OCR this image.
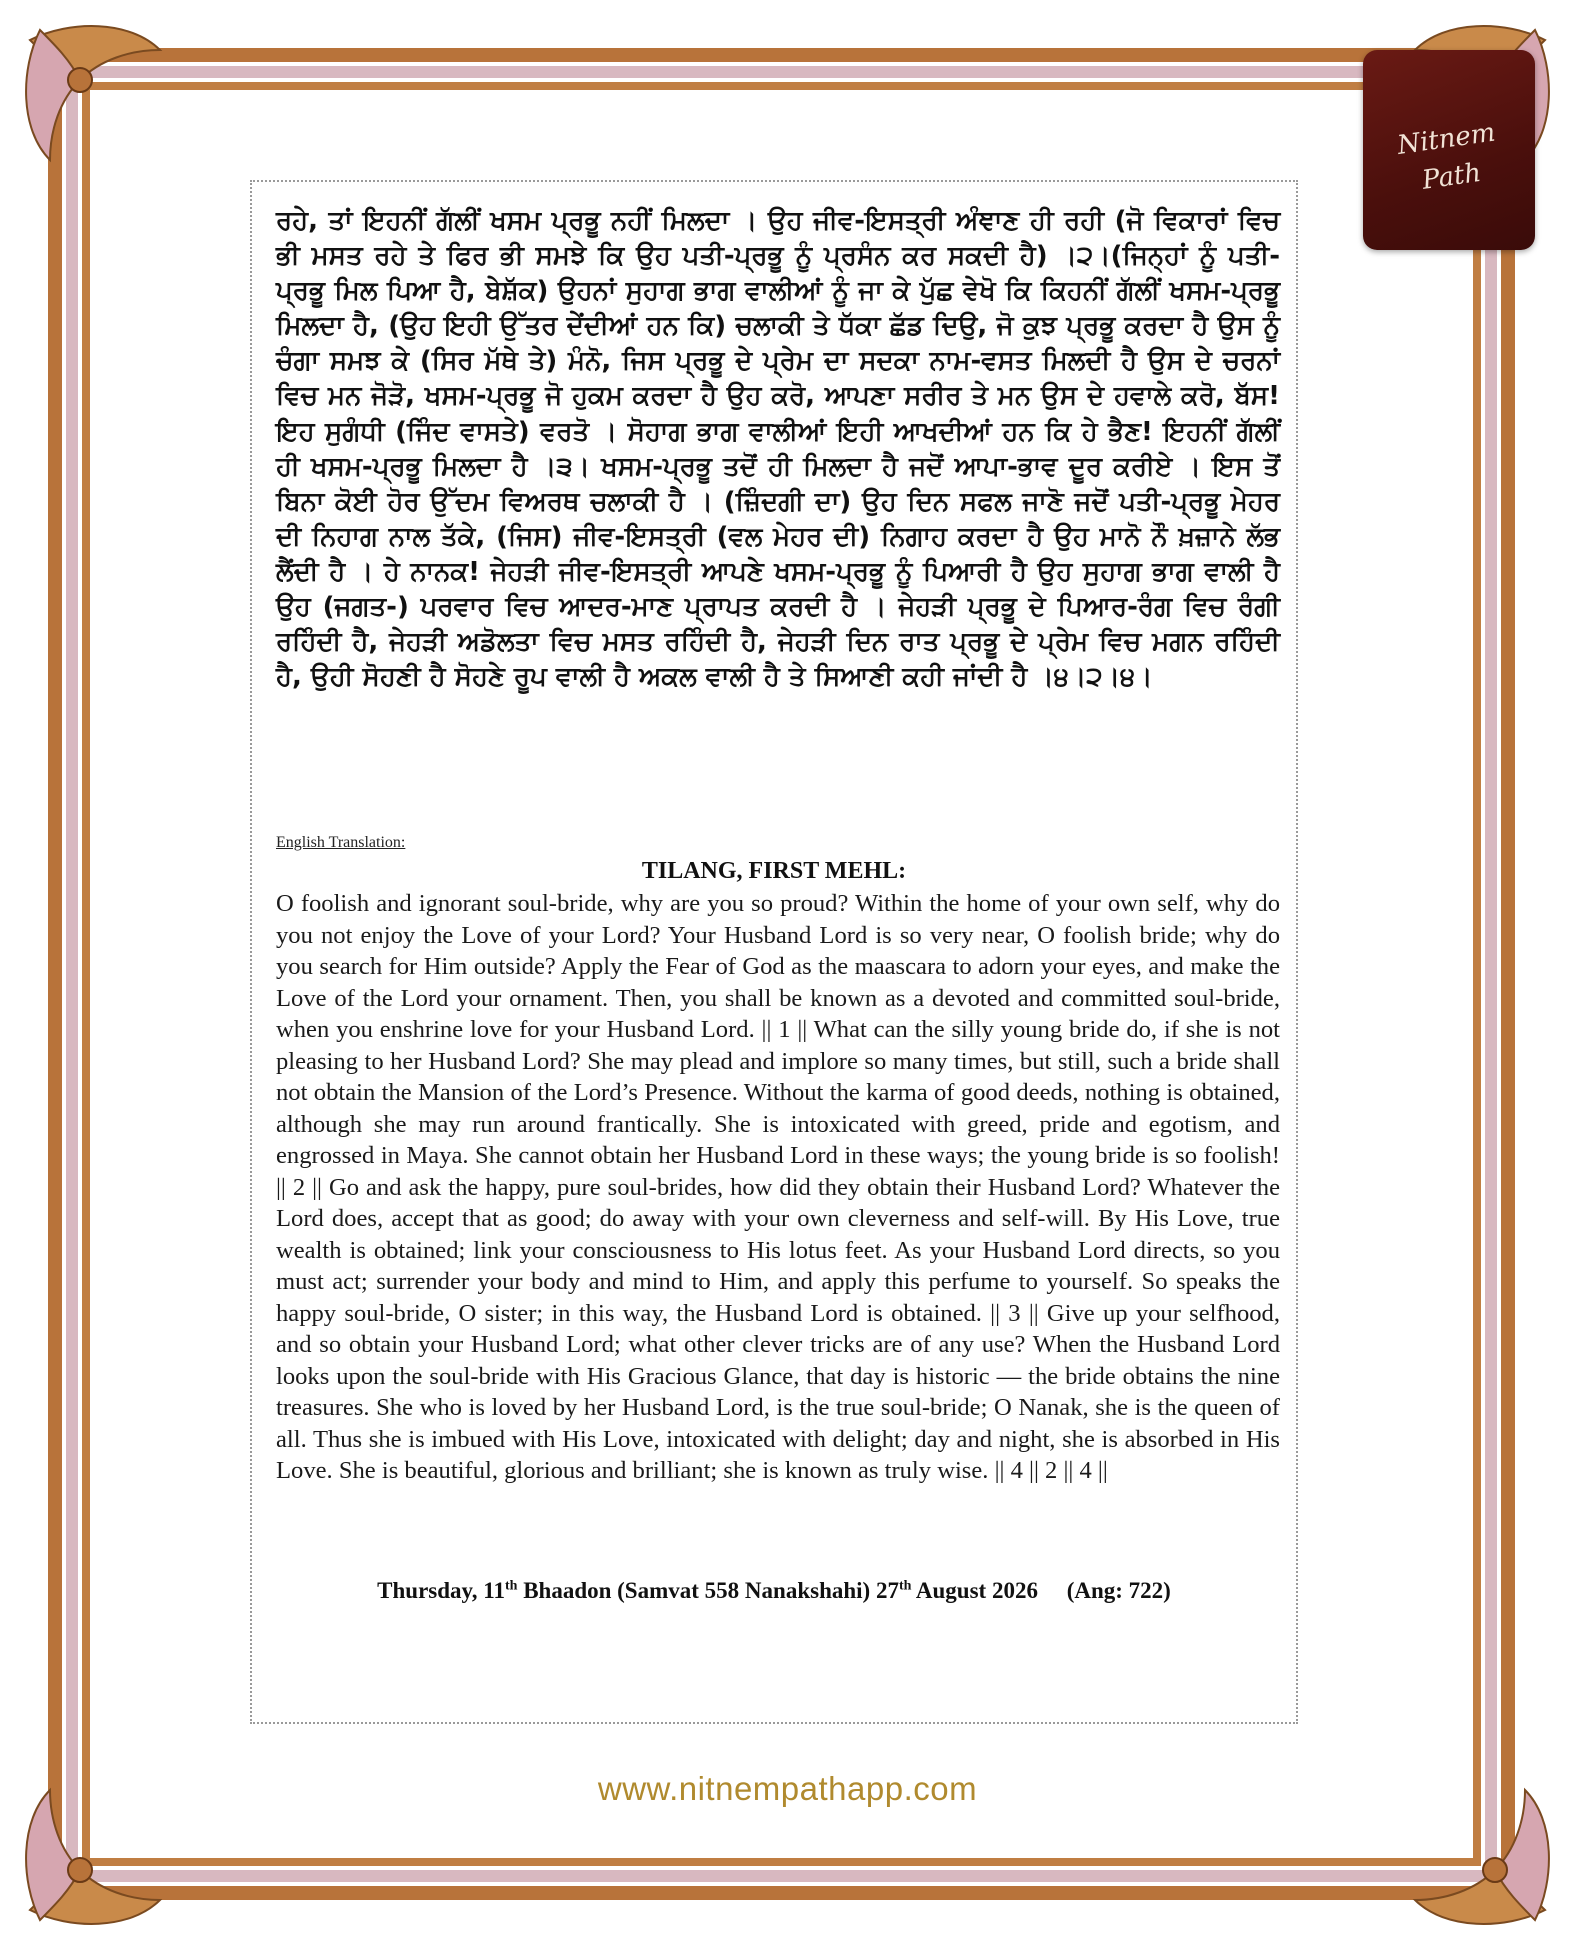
Nitnem
Path
ਰਹੇ, ਤਾਂ ਇਹਨੀਂ ਗੱਲੀਂ ਖਸਮ ਪ੍ਰਭੂ ਨਹੀਂ ਮਿਲਦਾ । ਉਹ ਜੀਵ-ਇਸਤ੍ਰੀ ਅੰਞਾਣ ਹੀ ਰਹੀ (ਜੋ ਵਿਕਾਰਾਂ ਵਿਚ ਭੀ ਮਸਤ ਰਹੇ ਤੇ ਫਿਰ ਭੀ ਸਮਝੇ ਕਿ ਉਹ ਪਤੀ-ਪ੍ਰਭੂ ਨੂੰ ਪ੍ਰਸੰਨ ਕਰ ਸਕਦੀ ਹੈ) ।੨।(ਜਿਨ੍ਹਾਂ ਨੂੰ ਪਤੀ-ਪ੍ਰਭੂ ਮਿਲ ਪਿਆ ਹੈ, ਬੇਸ਼ੱਕ) ਉਹਨਾਂ ਸੁਹਾਗ ਭਾਗ ਵਾਲੀਆਂ ਨੂੰ ਜਾ ਕੇ ਪੁੱਛ ਵੇਖੋ ਕਿ ਕਿਹਨੀਂ ਗੱਲੀਂ ਖਸਮ-ਪ੍ਰਭੂ ਮਿਲਦਾ ਹੈ, (ਉਹ ਇਹੀ ਉੱਤਰ ਦੇਂਦੀਆਂ ਹਨ ਕਿ) ਚਲਾਕੀ ਤੇ ਧੱਕਾ ਛੱਡ ਦਿਉ, ਜੋ ਕੁਝ ਪ੍ਰਭੂ ਕਰਦਾ ਹੈ ਉਸ ਨੂੰ ਚੰਗਾ ਸਮਝ ਕੇ (ਸਿਰ ਮੱਥੇ ਤੇ) ਮੰਨੋ, ਜਿਸ ਪ੍ਰਭੂ ਦੇ ਪ੍ਰੇਮ ਦਾ ਸਦਕਾ ਨਾਮ-ਵਸਤ ਮਿਲਦੀ ਹੈ ਉਸ ਦੇ ਚਰਨਾਂ ਵਿਚ ਮਨ ਜੋੜੋ, ਖਸਮ-ਪ੍ਰਭੂ ਜੋ ਹੁਕਮ ਕਰਦਾ ਹੈ ਉਹ ਕਰੋ, ਆਪਣਾ ਸਰੀਰ ਤੇ ਮਨ ਉਸ ਦੇ ਹਵਾਲੇ ਕਰੋ, ਬੱਸ! ਇਹ ਸੁਗੰਧੀ (ਜਿੰਦ ਵਾਸਤੇ) ਵਰਤੋ । ਸੋਹਾਗ ਭਾਗ ਵਾਲੀਆਂ ਇਹੀ ਆਖਦੀਆਂ ਹਨ ਕਿ ਹੇ ਭੈਣ! ਇਹਨੀਂ ਗੱਲੀਂ ਹੀ ਖਸਮ-ਪ੍ਰਭੂ ਮਿਲਦਾ ਹੈ ।੩। ਖਸਮ-ਪ੍ਰਭੂ ਤਦੋਂ ਹੀ ਮਿਲਦਾ ਹੈ ਜਦੋਂ ਆਪਾ-ਭਾਵ ਦੂਰ ਕਰੀਏ । ਇਸ ਤੋਂ ਬਿਨਾ ਕੋਈ ਹੋਰ ਉੱਦਮ ਵਿਅਰਥ ਚਲਾਕੀ ਹੈ । (ਜ਼ਿੰਦਗੀ ਦਾ) ਉਹ ਦਿਨ ਸਫਲ ਜਾਣੋ ਜਦੋਂ ਪਤੀ-ਪ੍ਰਭੂ ਮੇਹਰ ਦੀ ਨਿਹਾਗ ਨਾਲ ਤੱਕੇ, (ਜਿਸ) ਜੀਵ-ਇਸਤ੍ਰੀ (ਵਲ ਮੇਹਰ ਦੀ) ਨਿਗਾਹ ਕਰਦਾ ਹੈ ਉਹ ਮਾਨੋ ਨੌ ਖ਼ਜ਼ਾਨੇ ਲੱਭ ਲੈਂਦੀ ਹੈ । ਹੇ ਨਾਨਕ! ਜੇਹੜੀ ਜੀਵ-ਇਸਤ੍ਰੀ ਆਪਣੇ ਖਸਮ-ਪ੍ਰਭੂ ਨੂੰ ਪਿਆਰੀ ਹੈ ਉਹ ਸੁਹਾਗ ਭਾਗ ਵਾਲੀ ਹੈ ਉਹ (ਜਗਤ-) ਪਰਵਾਰ ਵਿਚ ਆਦਰ-ਮਾਣ ਪ੍ਰਾਪਤ ਕਰਦੀ ਹੈ । ਜੇਹੜੀ ਪ੍ਰਭੂ ਦੇ ਪਿਆਰ-ਰੰਗ ਵਿਚ ਰੰਗੀ ਰਹਿੰਦੀ ਹੈ, ਜੇਹੜੀ ਅਡੋਲਤਾ ਵਿਚ ਮਸਤ ਰਹਿੰਦੀ ਹੈ, ਜੇਹੜੀ ਦਿਨ ਰਾਤ ਪ੍ਰਭੂ ਦੇ ਪ੍ਰੇਮ ਵਿਚ ਮਗਨ ਰਹਿੰਦੀ ਹੈ, ਉਹੀ ਸੋਹਣੀ ਹੈ ਸੋਹਣੇ ਰੂਪ ਵਾਲੀ ਹੈ ਅਕਲ ਵਾਲੀ ਹੈ ਤੇ ਸਿਆਣੀ ਕਹੀ ਜਾਂਦੀ ਹੈ ।੪।੨।੪।
English Translation:
TILANG, FIRST MEHL:
O foolish and ignorant soul-bride, why are you so proud? Within the home of your own self, why do you not enjoy the Love of your Lord? Your Husband Lord is so very near, O foolish bride; why do you search for Him outside? Apply the Fear of God as the maascara to adorn your eyes, and make the Love of the Lord your ornament. Then, you shall be known as a devoted and committed soul-bride, when you enshrine love for your Husband Lord. || 1 || What can the silly young bride do, if she is not pleasing to her Husband Lord? She may plead and implore so many times, but still, such a bride shall not obtain the Mansion of the Lord’s Presence. Without the karma of good deeds, nothing is obtained, although she may run around frantically. She is intoxicated with greed, pride and egotism, and engrossed in Maya. She cannot obtain her Husband Lord in these ways; the young bride is so foolish! || 2 || Go and ask the happy, pure soul-brides, how did they obtain their Husband Lord? Whatever the Lord does, accept that as good; do away with your own cleverness and self-will. By His Love, true wealth is obtained; link your consciousness to His lotus feet. As your Husband Lord directs, so you must act; surrender your body and mind to Him, and apply this perfume to yourself. So speaks the happy soul-bride, O sister; in this way, the Husband Lord is obtained. || 3 || Give up your selfhood, and so obtain your Husband Lord; what other clever tricks are of any use? When the Husband Lord looks upon the soul-bride with His Gracious Glance, that day is historic — the bride obtains the nine treasures. She who is loved by her Husband Lord, is the true soul-bride; O Nanak, she is the queen of all. Thus she is imbued with His Love, intoxicated with delight; day and night, she is absorbed in His Love. She is beautiful, glorious and brilliant; she is known as truly wise. || 4 || 2 || 4 ||
Thursday, 11th Bhaadon (Samvat 558 Nanakshahi) 27th August 2026 (Ang: 722)
www.nitnempathapp.com
